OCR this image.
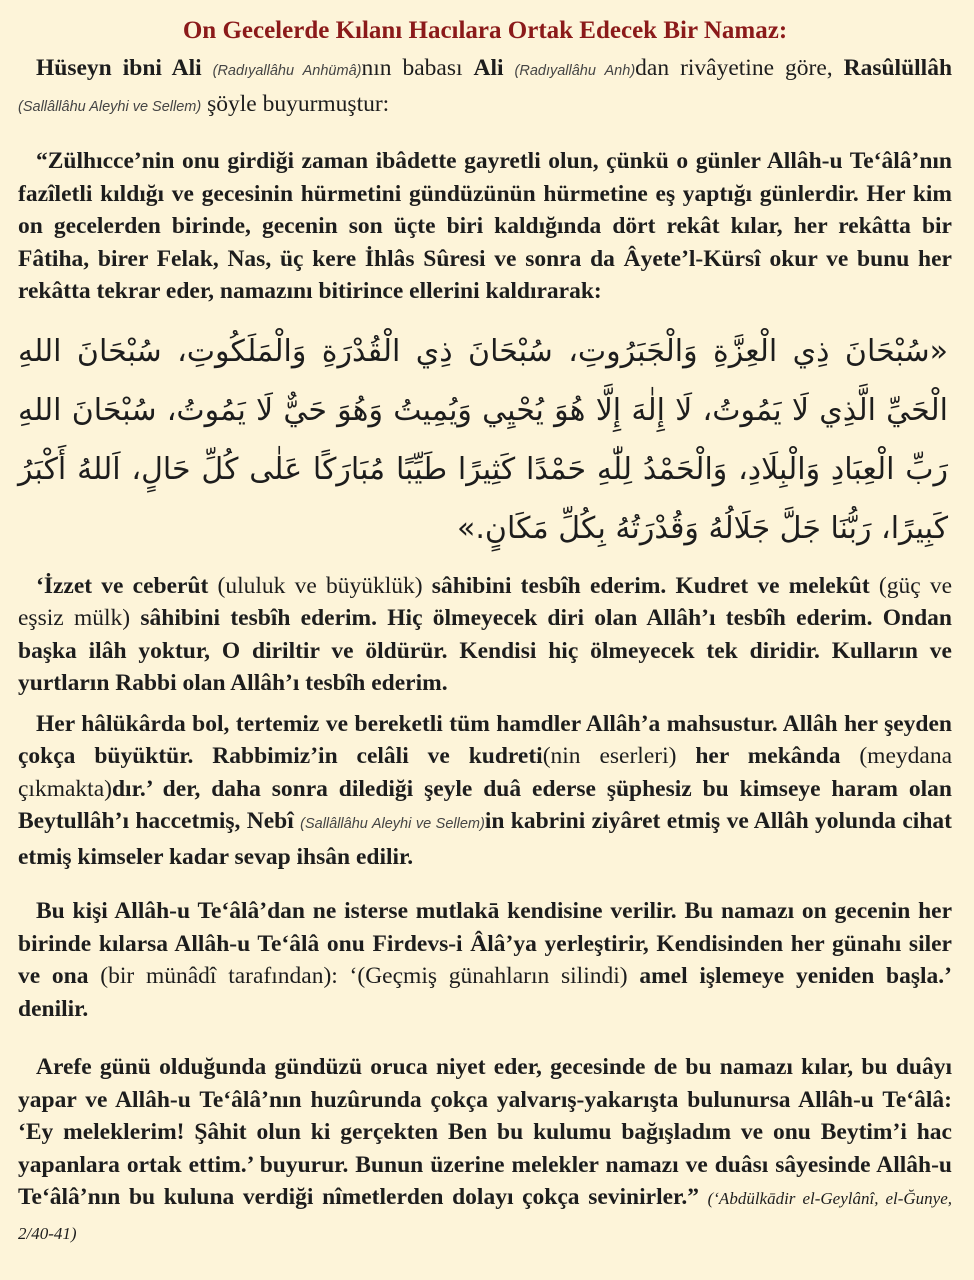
On Gecelerde Kılanı Hacılara Ortak Edecek Bir Namaz:

Hüseyn ibni Ali (Radıyallâhu Anhümâ)nın babası Ali (Radıyallâhu Anh)dan rivâyetine göre, Rasûlüllâh (Sallâllâhu Aleyhi ve Sellem) şöyle buyurmuştur:

“Zülhıcce’nin onu girdiği zaman ibâdette gayretli olun, çünkü o günler Allâh-u Te‘âlâ’nın fazîletli kıldığı ve gecesinin hürmetini gündüzünün hürmetine eş yaptığı günlerdir. Her kim on gecelerden birinde, gecenin son üçte biri kaldığında dört rekât kılar, her rekâtta bir Fâtiha, birer Felak, Nas, üç kere İhlâs Sûresi ve sonra da Âyete’l-Kürsî okur ve bunu her rekâtta tekrar eder, namazını bitirince ellerini kaldırarak:

«سُبْحَانَ ذِي الْعِزَّةِ وَالْجَبَرُوتِ، سُبْحَانَ ذِي الْقُدْرَةِ وَالْمَلَكُوتِ، سُبْحَانَ اللهِ الْحَيِّ الَّذِي لَا يَمُوتُ، لَا إِلٰهَ إِلَّا هُوَ يُحْيِي وَيُمِيتُ وَهُوَ حَيٌّ لَا يَمُوتُ، سُبْحَانَ اللهِ رَبِّ الْعِبَادِ وَالْبِلَادِ، وَالْحَمْدُ لِلّٰهِ حَمْدًا كَثِيرًا طَيِّبًا مُبَارَكًا عَلٰى كُلِّ حَالٍ، اَللهُ أَكْبَرُ كَبِيرًا، رَبُّنَا جَلَّ جَلَالُهُ وَقُدْرَتُهُ بِكُلِّ مَكَانٍ.»

‘İzzet ve ceberût (ululuk ve büyüklük) sâhibini tesbîh ederim. Kudret ve melekût (güç ve eşsiz mülk) sâhibini tesbîh ederim. Hiç ölmeyecek diri olan Allâh’ı tesbîh ederim. Ondan başka ilâh yoktur, O diriltir ve öldürür. Kendisi hiç ölmeyecek tek diridir. Kulların ve yurtların Rabbi olan Allâh’ı tesbîh ederim.

Her hâlükârda bol, tertemiz ve bereketli tüm hamdler Allâh’a mahsustur. Allâh her şeyden çokça büyüktür. Rabbimiz’in celâli ve kudreti(nin eserleri) her mekânda (meydana çıkmakta)dır.’ der, daha sonra dilediği şeyle duâ ederse şüphesiz bu kimseye haram olan Beytullâh’ı haccetmiş, Nebî (Sallâllâhu Aleyhi ve Sellem)in kabrini ziyâret etmiş ve Allâh yolunda cihat etmiş kimseler kadar sevap ihsân edilir.

Bu kişi Allâh-u Te‘âlâ’dan ne isterse mutlakā kendisine verilir. Bu namazı on gecenin her birinde kılarsa Allâh-u Te‘âlâ onu Firdevs-i Âlâ’ya yerleştirir, Kendisinden her günahı siler ve ona (bir münâdî tarafından): ‘(Geçmiş günahların silindi) amel işlemeye yeniden başla.’ denilir.

Arefe günü olduğunda gündüzü oruca niyet eder, gecesinde de bu namazı kılar, bu duâyı yapar ve Allâh-u Te‘âlâ’nın huzûrunda çokça yalvarış-yakarışta bulunursa Allâh-u Te‘âlâ: ‘Ey meleklerim! Şâhit olun ki gerçekten Ben bu kulumu bağışladım ve onu Beytim’i hac yapanlara ortak ettim.’ buyurur. Bunun üzerine melekler namazı ve duâsı sâyesinde Allâh-u Te‘âlâ’nın bu kuluna verdiği nîmetlerden dolayı çokça sevinirler.” (‘Abdülkādir el-Geylânî, el-Ğunye, 2/40-41)
